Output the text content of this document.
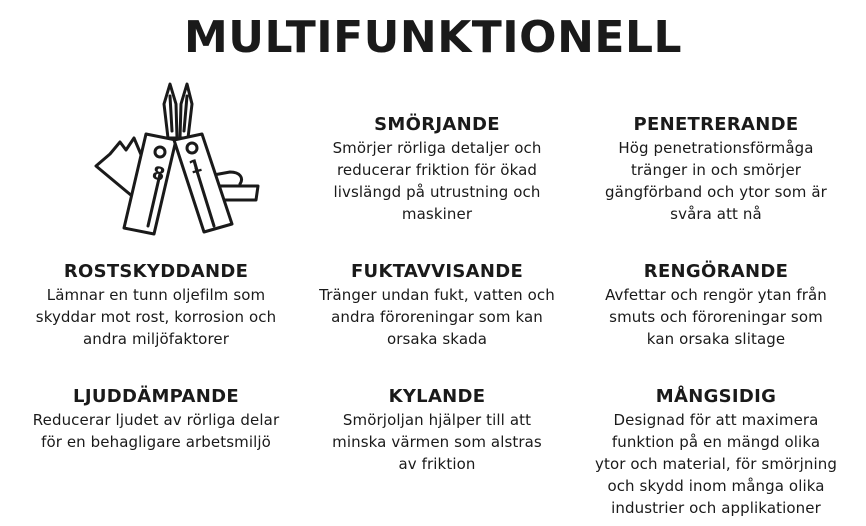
MULTIFUNKTIONELL
8 1
SMÖRJANDE
Smörjer rörliga detaljer och
reducerar friktion för ökad
livslängd på utrustning och
maskiner
PENETRERANDE
Hög penetrationsförmåga
tränger in och smörjer
gängförband och ytor som är
svåra att nå
ROSTSKYDDANDE
Lämnar en tunn oljefilm som
skyddar mot rost, korrosion och
andra miljöfaktorer
FUKTAVVISANDE
Tränger undan fukt, vatten och
andra föroreningar som kan
orsaka skada
RENGÖRANDE
Avfettar och rengör ytan från
smuts och föroreningar som
kan orsaka slitage
LJUDDÄMPANDE
Reducerar ljudet av rörliga delar
för en behagligare arbetsmiljö
KYLANDE
Smörjoljan hjälper till att
minska värmen som alstras
av friktion
MÅNGSIDIG
Designad för att maximera
funktion på en mängd olika
ytor och material, för smörjning
och skydd inom många olika
industrier och applikationer
